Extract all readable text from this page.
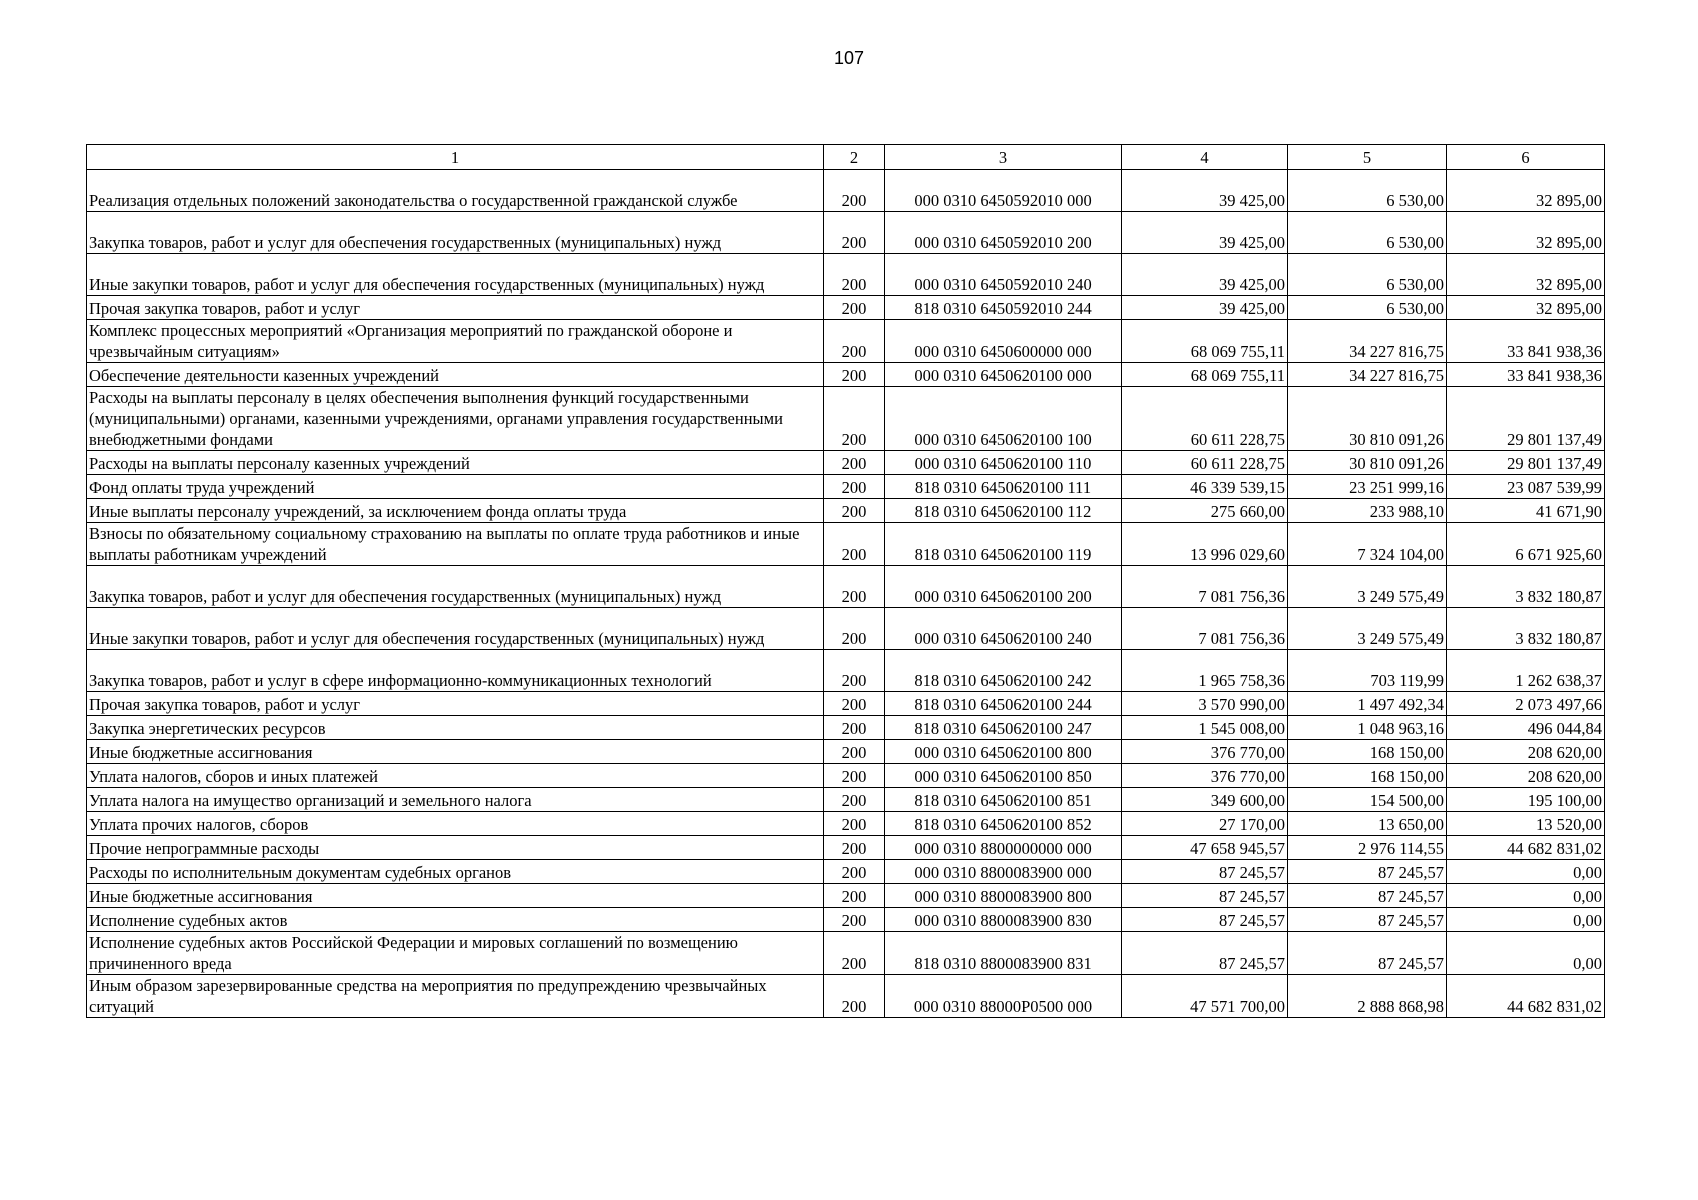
107
1	2	3	4	5	6
Реализация отдельных положений законодательства о государственной гражданской службе	200	000 0310 6450592010 000	39 425,00	6 530,00	32 895,00
Закупка товаров, работ и услуг для обеспечения государственных (муниципальных) нужд	200	000 0310 6450592010 200	39 425,00	6 530,00	32 895,00
Иные закупки товаров, работ и услуг для обеспечения государственных (муниципальных) нужд	200	000 0310 6450592010 240	39 425,00	6 530,00	32 895,00
Прочая закупка товаров, работ и услуг	200	818 0310 6450592010 244	39 425,00	6 530,00	32 895,00
Комплекс процессных мероприятий «Организация мероприятий по гражданской обороне и чрезвычайным ситуациям»	200	000 0310 6450600000 000	68 069 755,11	34 227 816,75	33 841 938,36
Обеспечение деятельности казенных учреждений	200	000 0310 6450620100 000	68 069 755,11	34 227 816,75	33 841 938,36
Расходы на выплаты персоналу в целях обеспечения выполнения функций государственными (муниципальными) органами, казенными учреждениями, органами управления государственными внебюджетными фондами	200	000 0310 6450620100 100	60 611 228,75	30 810 091,26	29 801 137,49
Расходы на выплаты персоналу казенных учреждений	200	000 0310 6450620100 110	60 611 228,75	30 810 091,26	29 801 137,49
Фонд оплаты труда учреждений	200	818 0310 6450620100 111	46 339 539,15	23 251 999,16	23 087 539,99
Иные выплаты персоналу учреждений, за исключением фонда оплаты труда	200	818 0310 6450620100 112	275 660,00	233 988,10	41 671,90
Взносы по обязательному социальному страхованию на выплаты по оплате труда работников и иные выплаты работникам учреждений	200	818 0310 6450620100 119	13 996 029,60	7 324 104,00	6 671 925,60
Закупка товаров, работ и услуг для обеспечения государственных (муниципальных) нужд	200	000 0310 6450620100 200	7 081 756,36	3 249 575,49	3 832 180,87
Иные закупки товаров, работ и услуг для обеспечения государственных (муниципальных) нужд	200	000 0310 6450620100 240	7 081 756,36	3 249 575,49	3 832 180,87
Закупка товаров, работ и услуг в сфере информационно-коммуникационных технологий	200	818 0310 6450620100 242	1 965 758,36	703 119,99	1 262 638,37
Прочая закупка товаров, работ и услуг	200	818 0310 6450620100 244	3 570 990,00	1 497 492,34	2 073 497,66
Закупка энергетических ресурсов	200	818 0310 6450620100 247	1 545 008,00	1 048 963,16	496 044,84
Иные бюджетные ассигнования	200	000 0310 6450620100 800	376 770,00	168 150,00	208 620,00
Уплата налогов, сборов и иных платежей	200	000 0310 6450620100 850	376 770,00	168 150,00	208 620,00
Уплата налога на имущество организаций и земельного налога	200	818 0310 6450620100 851	349 600,00	154 500,00	195 100,00
Уплата прочих налогов, сборов	200	818 0310 6450620100 852	27 170,00	13 650,00	13 520,00
Прочие непрограммные расходы	200	000 0310 8800000000 000	47 658 945,57	2 976 114,55	44 682 831,02
Расходы по исполнительным документам судебных органов	200	000 0310 8800083900 000	87 245,57	87 245,57	0,00
Иные бюджетные ассигнования	200	000 0310 8800083900 800	87 245,57	87 245,57	0,00
Исполнение судебных актов	200	000 0310 8800083900 830	87 245,57	87 245,57	0,00
Исполнение судебных актов Российской Федерации и мировых соглашений по возмещению причиненного вреда	200	818 0310 8800083900 831	87 245,57	87 245,57	0,00
Иным образом зарезервированные средства на мероприятия по предупреждению чрезвычайных ситуаций	200	000 0310 88000P0500 000	47 571 700,00	2 888 868,98	44 682 831,02
